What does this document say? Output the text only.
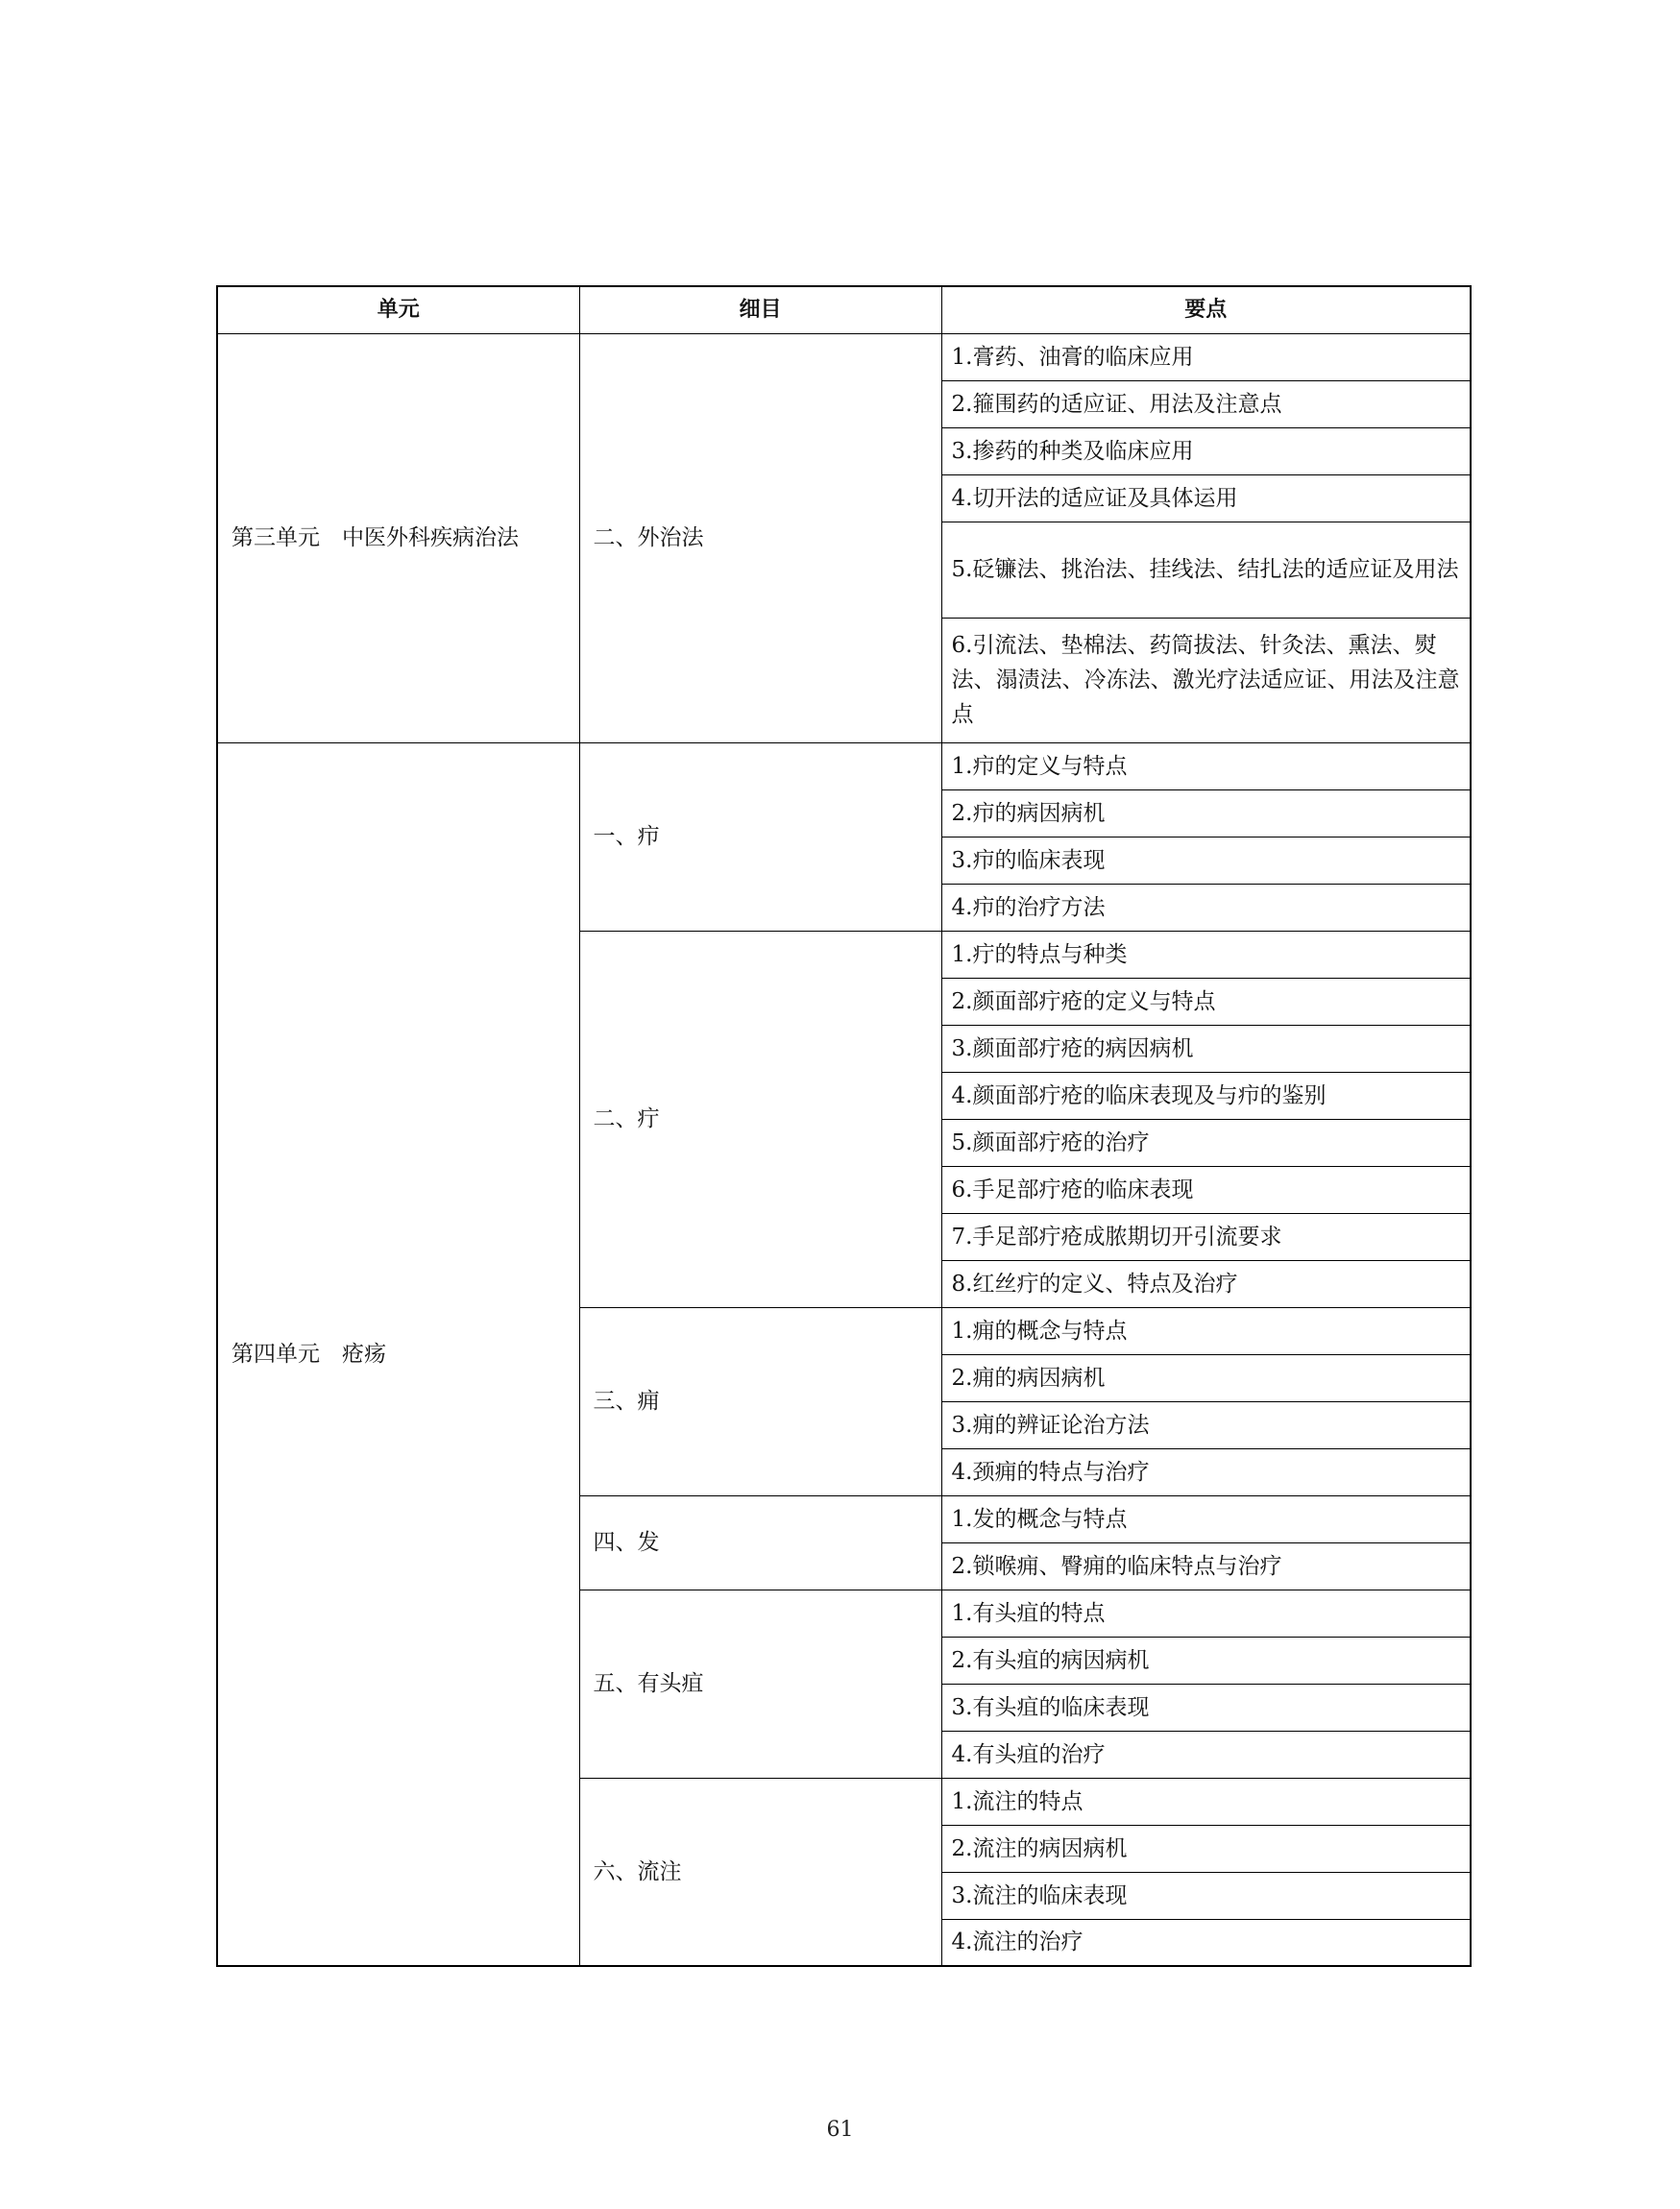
单元	细目	要点
第三单元　中医外科疾病治法	二、外治法	1.膏药、油膏的临床应用
		2.箍围药的适应证、用法及注意点
		3.掺药的种类及临床应用
		4.切开法的适应证及具体运用
		5.砭镰法、挑治法、挂线法、结扎法的适应证及用法
		6.引流法、垫棉法、药筒拔法、针灸法、熏法、熨法、溻渍法、冷冻法、激光疗法适应证、用法及注意点
第四单元　疮疡	一、疖	1.疖的定义与特点
		2.疖的病因病机
		3.疖的临床表现
		4.疖的治疗方法
	二、疔	1.疔的特点与种类
		2.颜面部疔疮的定义与特点
		3.颜面部疔疮的病因病机
		4.颜面部疔疮的临床表现及与疖的鉴别
		5.颜面部疔疮的治疗
		6.手足部疔疮的临床表现
		7.手足部疔疮成脓期切开引流要求
		8.红丝疔的定义、特点及治疗
	三、痈	1.痈的概念与特点
		2.痈的病因病机
		3.痈的辨证论治方法
		4.颈痈的特点与治疗
	四、发	1.发的概念与特点
		2.锁喉痈、臀痈的临床特点与治疗
	五、有头疽	1.有头疽的特点
		2.有头疽的病因病机
		3.有头疽的临床表现
		4.有头疽的治疗
	六、流注	1.流注的特点
		2.流注的病因病机
		3.流注的临床表现
		4.流注的治疗
61
